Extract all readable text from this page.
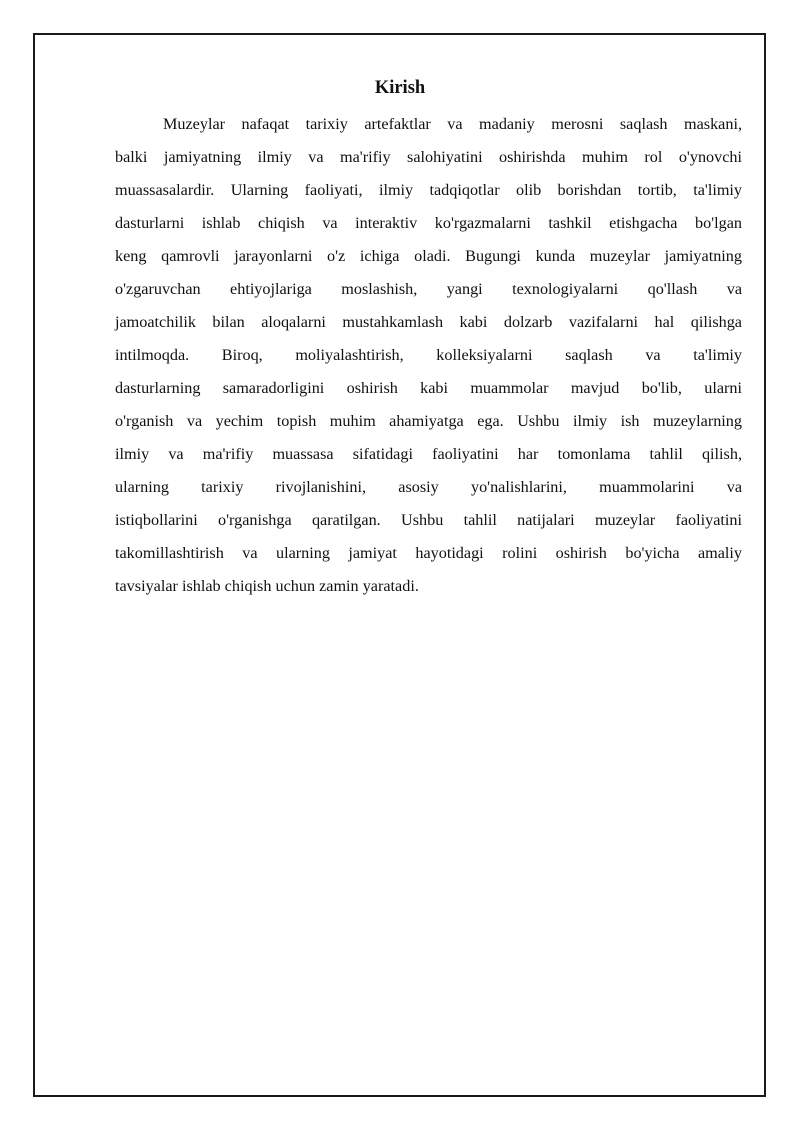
Kirish
Muzeylar nafaqat tarixiy artefaktlar va madaniy merosni saqlash maskani,
balki jamiyatning ilmiy va ma'rifiy salohiyatini oshirishda muhim rol o'ynovchi
muassasalardir. Ularning faoliyati, ilmiy tadqiqotlar olib borishdan tortib, ta'limiy
dasturlarni ishlab chiqish va interaktiv ko'rgazmalarni tashkil etishgacha bo'lgan
keng qamrovli jarayonlarni o'z ichiga oladi. Bugungi kunda muzeylar jamiyatning
o'zgaruvchan ehtiyojlariga moslashish, yangi texnologiyalarni qo'llash va
jamoatchilik bilan aloqalarni mustahkamlash kabi dolzarb vazifalarni hal qilishga
intilmoqda. Biroq, moliyalashtirish, kolleksiyalarni saqlash va ta'limiy
dasturlarning samaradorligini oshirish kabi muammolar mavjud bo'lib, ularni
o'rganish va yechim topish muhim ahamiyatga ega. Ushbu ilmiy ish muzeylarning
ilmiy va ma'rifiy muassasa sifatidagi faoliyatini har tomonlama tahlil qilish,
ularning tarixiy rivojlanishini, asosiy yo'nalishlarini, muammolarini va
istiqbollarini o'rganishga qaratilgan. Ushbu tahlil natijalari muzeylar faoliyatini
takomillashtirish va ularning jamiyat hayotidagi rolini oshirish bo'yicha amaliy
tavsiyalar ishlab chiqish uchun zamin yaratadi.
